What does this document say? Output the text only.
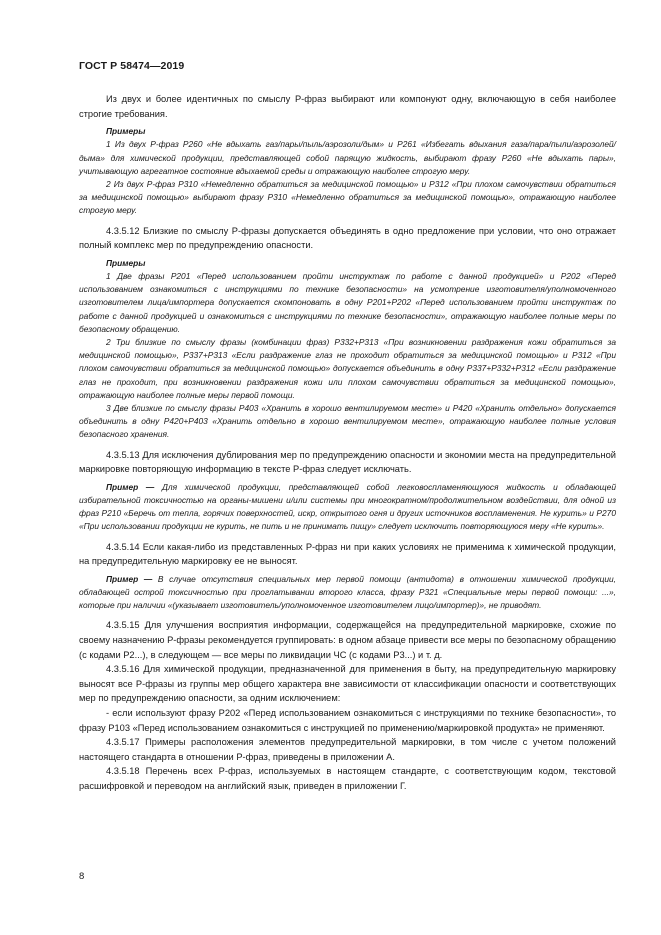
ГОСТ Р 58474—2019

Из двух и более идентичных по смыслу Р-фраз выбирают или компонуют одну, включающую в себя наиболее строгие требования.

Примеры

1 Из двух Р-фраз Р260 «Не вдыхать газ/пары/пыль/аэрозоли/дым» и Р261 «Избегать вдыхания газа/пара/пыли/аэрозолей/дыма» для химической продукции, представляющей собой парящую жидкость, выбирают фразу Р260 «Не вдыхать пары», учитывающую агрегатное состояние вдыхаемой среды и отражающую наиболее строгую меру.

2 Из двух Р-фраз Р310 «Немедленно обратиться за медицинской помощью» и Р312 «При плохом самочувствии обратиться за медицинской помощью» выбирают фразу Р310 «Немедленно обратиться за медицинской помощью», отражающую наиболее строгую меру.

4.3.5.12 Близкие по смыслу Р-фразы допускается объединять в одно предложение при условии, что оно отражает полный комплекс мер по предупреждению опасности.

Примеры

1 Две фразы Р201 «Перед использованием пройти инструктаж по работе с данной продукцией» и Р202 «Перед использованием ознакомиться с инструкциями по технике безопасности» на усмотрение изготовителя/уполномоченного изготовителем лица/импортера допускается скомпоновать в одну Р201+Р202 «Перед использованием пройти инструктаж по работе с данной продукцией и ознакомиться с инструкциями по технике безопасности», отражающую наиболее полные меры по безопасному обращению.

2 Три близкие по смыслу фразы (комбинации фраз) Р332+Р313 «При возникновении раздражения кожи обратиться за медицинской помощью», Р337+Р313 «Если раздражение глаз не проходит обратиться за медицинской помощью» и Р312 «При плохом самочувствии обратиться за медицинской помощью» допускается объединить в одну Р337+Р332+Р312 «Если раздражение глаз не проходит, при возникновении раздражения кожи или плохом самочувствии обратиться за медицинской помощью», отражающую наиболее полные меры первой помощи.

3 Две близкие по смыслу фразы Р403 «Хранить в хорошо вентилируемом месте» и Р420 «Хранить отдельно» допускается объединить в одну Р420+Р403 «Хранить отдельно в хорошо вентилируемом месте», отражающую наиболее полные условия безопасного хранения.

4.3.5.13 Для исключения дублирования мер по предупреждению опасности и экономии места на предупредительной маркировке повторяющую информацию в тексте Р-фраз следует исключать.

Пример — Для химической продукции, представляющей собой легковоспламеняющуюся жидкость и обладающей избирательной токсичностью на органы-мишени и/или системы при многократном/продолжительном воздействии, для одной из фраз Р210 «Беречь от тепла, горячих поверхностей, искр, открытого огня и других источников воспламенения. Не курить» и Р270 «При использовании продукции не курить, не пить и не принимать пищу» следует исключить повторяющуюся меру «Не курить».

4.3.5.14 Если какая-либо из представленных Р-фраз ни при каких условиях не применима к химической продукции, на предупредительную маркировку ее не выносят.

Пример — В случае отсутствия специальных мер первой помощи (антидота) в отношении химической продукции, обладающей острой токсичностью при проглатывании второго класса, фразу Р321 «Специальные меры первой помощи: ...», которые при наличии «(указывает изготовитель/уполномоченное изготовителем лицо/импортер)», не приводят.

4.3.5.15 Для улучшения восприятия информации, содержащейся на предупредительной маркировке, схожие по своему назначению Р-фразы рекомендуется группировать: в одном абзаце привести все меры по безопасному обращению (с кодами Р2...), в следующем — все меры по ликвидации ЧС (с кодами Р3...) и т. д.

4.3.5.16 Для химической продукции, предназначенной для применения в быту, на предупредительную маркировку выносят все Р-фразы из группы мер общего характера вне зависимости от классификации опасности и соответствующих мер по предупреждению опасности, за одним исключением:

- если используют фразу Р202 «Перед использованием ознакомиться с инструкциями по технике безопасности», то фразу Р103 «Перед использованием ознакомиться с инструкцией по применению/маркировкой продукта» не применяют.

4.3.5.17 Примеры расположения элементов предупредительной маркировки, в том числе с учетом положений настоящего стандарта в отношении Р-фраз, приведены в приложении А.

4.3.5.18 Перечень всех Р-фраз, используемых в настоящем стандарте, с соответствующим кодом, текстовой расшифровкой и переводом на английский язык, приведен в приложении Г.

8
